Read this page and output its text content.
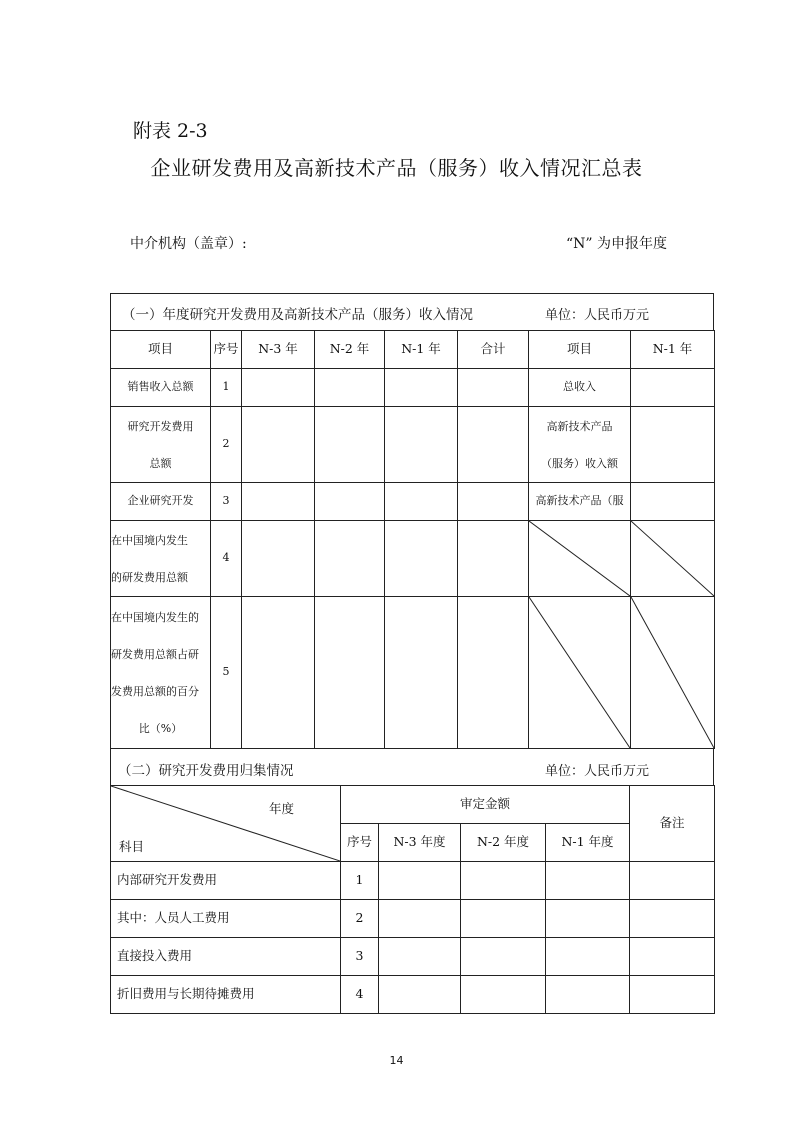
附表 2-3
企业研发费用及高新技术产品（服务）收入情况汇总表
中介机构（盖章）:	“N” 为申报年度
（一）年度研究开发费用及高新技术产品（服务）收入情况	单位：人民币万元
项目	序号	N-3 年	N-2 年	N-1 年	合计	项目	N-1 年
销售收入总额	1					总收入	

研究开发费用
总额	2					高新技术产品
（服务）收入额	

企业研究开发	3					高新技术产品（服	

在中国境内发生
的研发费用总额	4					

在中国境内发生的
研发费用总额占研
发费用总额的百分
比（%）	5					

（二）研究开发费用归集情况	单位：人民币万元
年度
科目	审定金额				备注
	序号	N-3 年度	N-2 年度	N-1 年度	
内部研究开发费用	1				
其中：人员人工费用	2				
直接投入费用	3				
折旧费用与长期待摊费用	4				
14
